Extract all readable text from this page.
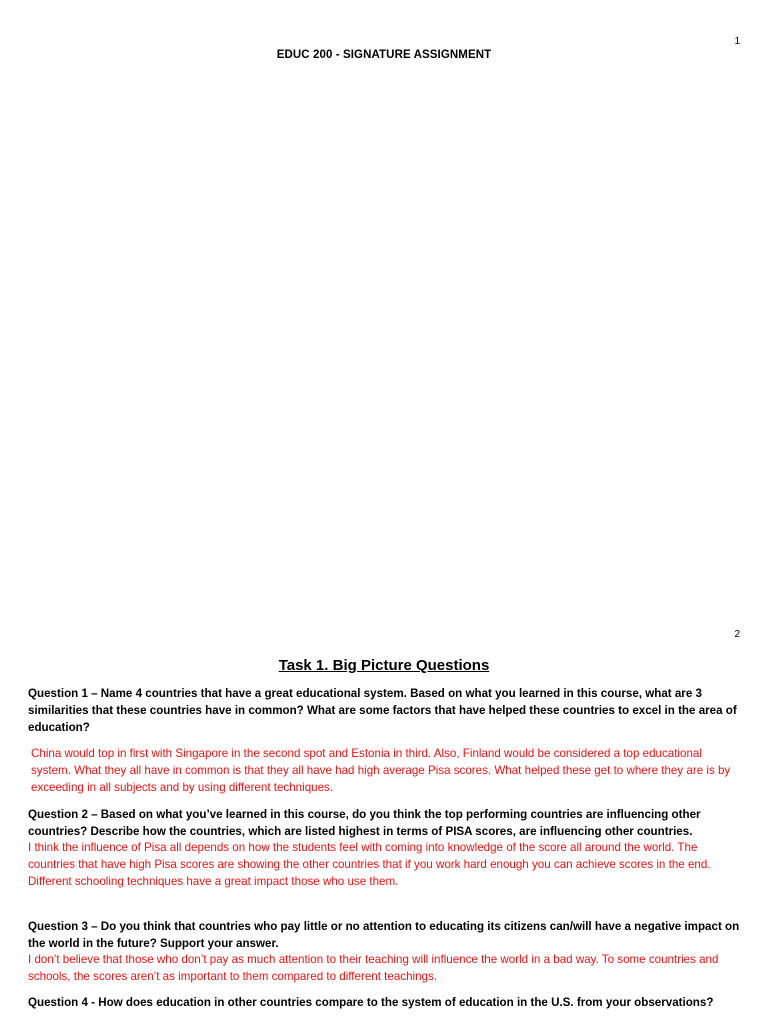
1
EDUC 200 - SIGNATURE ASSIGNMENT
2
Task 1. Big Picture Questions

Question 1 – Name 4 countries that have a great educational system. Based on what you learned in this course, what are 3 similarities that these countries have in common? What are some factors that have helped these countries to excel in the area of education?

China would top in first with Singapore in the second spot and Estonia in third. Also, Finland would be considered a top educational system. What they all have in common is that they all have had high average Pisa scores. What helped these get to where they are is by exceeding in all subjects and by using different techniques.

Question 2 – Based on what you’ve learned in this course, do you think the top performing countries are influencing other countries? Describe how the countries, which are listed highest in terms of PISA scores, are influencing other countries.

I think the influence of Pisa all depends on how the students feel with coming into knowledge of the score all around the world. The countries that have high Pisa scores are showing the other countries that if you work hard enough you can achieve scores in the end. Different schooling techniques have a great impact those who use them.

Question 3 – Do you think that countries who pay little or no attention to educating its citizens can/will have a negative impact on the world in the future? Support your answer.

I don’t believe that those who don’t pay as much attention to their teaching will influence the world in a bad way. To some countries and schools, the scores aren’t as important to them compared to different teachings.

Question 4 - How does education in other countries compare to the system of education in the U.S. from your observations?
